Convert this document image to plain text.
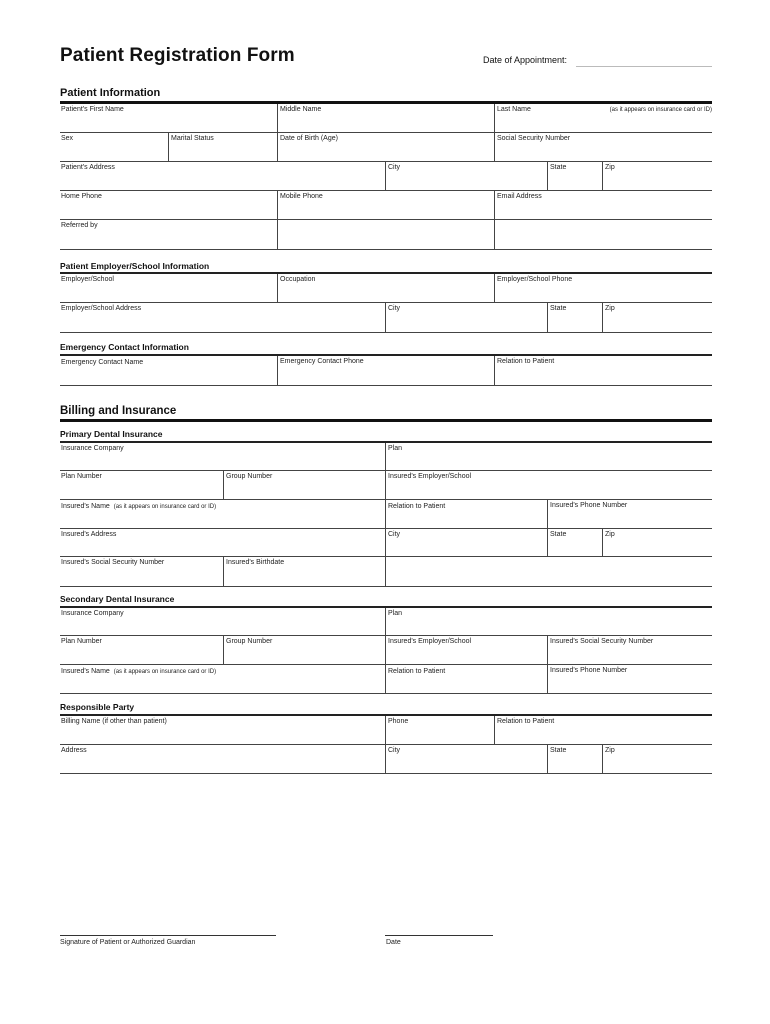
Patient Registration Form	Date of Appointment:
Patient Information
Patient's First Name	Middle Name	Last Name	(as it appears on insurance card or ID)
Sex	Marital Status	Date of Birth (Age)	Social Security Number
Patient's Address	City	State	Zip
Home Phone	Mobile Phone	Email Address
Referred by
Patient Employer/School Information
Employer/School	Occupation	Employer/School Phone
Employer/School Address	City	State	Zip
Emergency Contact Information
Emergency Contact Name	Emergency Contact Phone	Relation to Patient
Billing and Insurance
Primary Dental Insurance
Insurance Company	Plan
Plan Number	Group Number	Insured's Employer/School
Insured's Name (as it appears on insurance card or ID)	Relation to Patient	Insured's Phone Number
Insured's Address	City	State	Zip
Insured's Social Security Number	Insured's Birthdate
Secondary Dental Insurance
Insurance Company	Plan
Plan Number	Group Number	Insured's Employer/School	Insured's Social Security Number
Insured's Name (as it appears on insurance card or ID)	Relation to Patient	Insured's Phone Number
Responsible Party
Billing Name (if other than patient)	Phone	Relation to Patient
Address	City	State	Zip
Signature of Patient or Authorized Guardian	Date
